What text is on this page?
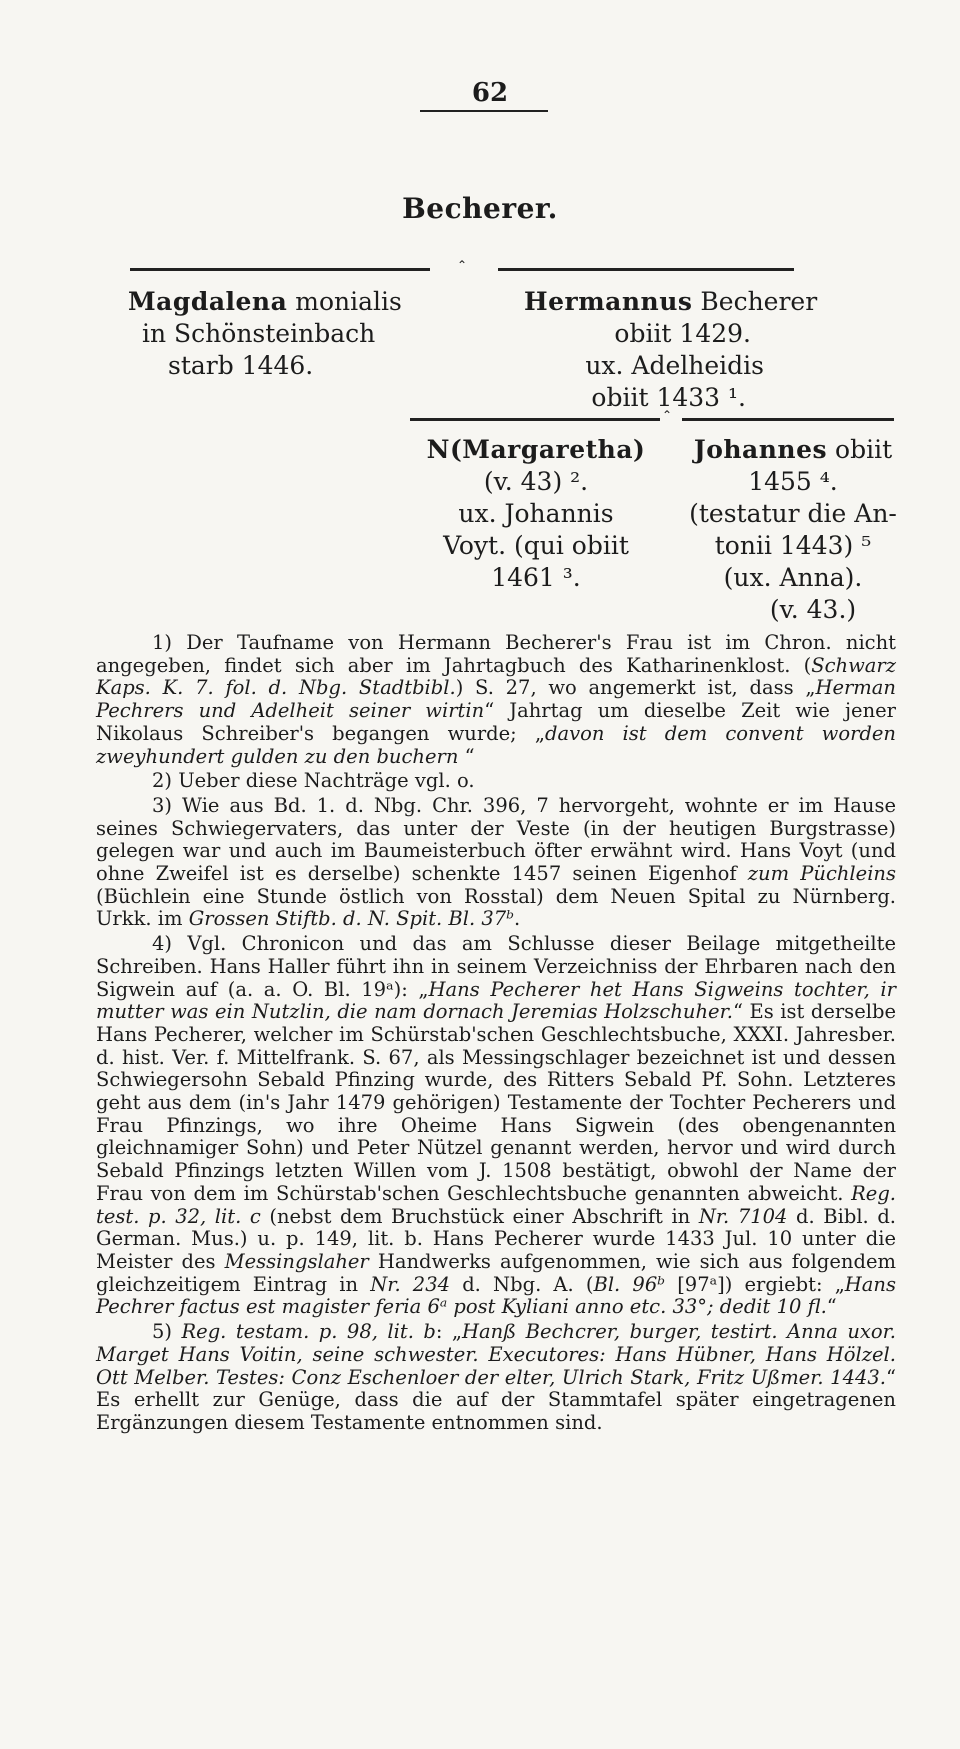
62
Becherer.
⌃
Magdalena monialis
in Schönsteinbach
starb 1446.
Hermannus Becherer
obiit 1429.
ux. Adelheidis
obiit 1433 ¹.
⌃
N(Margaretha)
(v. 43) ².
ux. Johannis
Voyt. (qui obiit
1461 ³.
Johannes obiit
1455 ⁴.
(testatur die An-
tonii 1443) ⁵
(ux. Anna).
(v. 43.)

1) Der Taufname von Hermann Becherer's Frau ist im Chron. nicht angegeben, findet sich aber im Jahrtagbuch des Katharinenklost. (Schwarz Kaps. K. 7. fol. d. Nbg. Stadtbibl.) S. 27, wo angemerkt ist, dass „Herman Pechrers und Adelheit seiner wirtin“ Jahrtag um dieselbe Zeit wie jener Nikolaus Schreiber's begangen wurde; „davon ist dem convent worden zweyhundert gulden zu den buchern “

2) Ueber diese Nachträge vgl. o.

3) Wie aus Bd. 1. d. Nbg. Chr. 396, 7 hervorgeht, wohnte er im Hause seines Schwiegervaters, das unter der Veste (in der heutigen Burgstrasse) gelegen war und auch im Baumeisterbuch öfter erwähnt wird. Hans Voyt (und ohne Zweifel ist es derselbe) schenkte 1457 seinen Eigenhof zum Püchleins (Büchlein eine Stunde östlich von Rosstal) dem Neuen Spital zu Nürnberg. Urkk. im Grossen Stiftb. d. N. Spit. Bl. 37ᵇ.

4) Vgl. Chronicon und das am Schlusse dieser Beilage mitgetheilte Schreiben. Hans Haller führt ihn in seinem Verzeichniss der Ehrbaren nach den Sigwein auf (a. a. O. Bl. 19ᵃ): „Hans Pecherer het Hans Sigweins tochter, ir mutter was ein Nutzlin, die nam dornach Jeremias Holzschuher.“ Es ist derselbe Hans Pecherer, welcher im Schürstab'schen Geschlechtsbuche, XXXI. Jahresber. d. hist. Ver. f. Mittelfrank. S. 67, als Messingschlager bezeichnet ist und dessen Schwiegersohn Sebald Pfinzing wurde, des Ritters Sebald Pf. Sohn. Letzteres geht aus dem (in's Jahr 1479 gehörigen) Testamente der Tochter Pecherers und Frau Pfinzings, wo ihre Oheime Hans Sigwein (des obengenannten gleichnamiger Sohn) und Peter Nützel genannt werden, hervor und wird durch Sebald Pfinzings letzten Willen vom J. 1508 bestätigt, obwohl der Name der Frau von dem im Schürstab'schen Geschlechtsbuche genannten abweicht. Reg. test. p. 32, lit. c (nebst dem Bruchstück einer Abschrift in Nr. 7104 d. Bibl. d. German. Mus.) u. p. 149, lit. b. Hans Pecherer wurde 1433 Jul. 10 unter die Meister des Messingslaher Handwerks aufgenommen, wie sich aus folgendem gleichzeitigem Eintrag in Nr. 234 d. Nbg. A. (Bl. 96ᵇ [97ᵃ]) ergiebt: „Hans Pechrer factus est magister feria 6ᵃ post Kyliani anno etc. 33°; dedit 10 fl.“

5) Reg. testam. p. 98, lit. b: „Hanß Bechcrer, burger, testirt. Anna uxor. Marget Hans Voitin, seine schwester. Executores: Hans Hübner, Hans Hölzel. Ott Melber. Testes: Conz Eschenloer der elter, Ulrich Stark, Fritz Ußmer. 1443.“ Es erhellt zur Genüge, dass die auf der Stammtafel später eingetragenen Ergänzungen diesem Testamente entnommen sind.
